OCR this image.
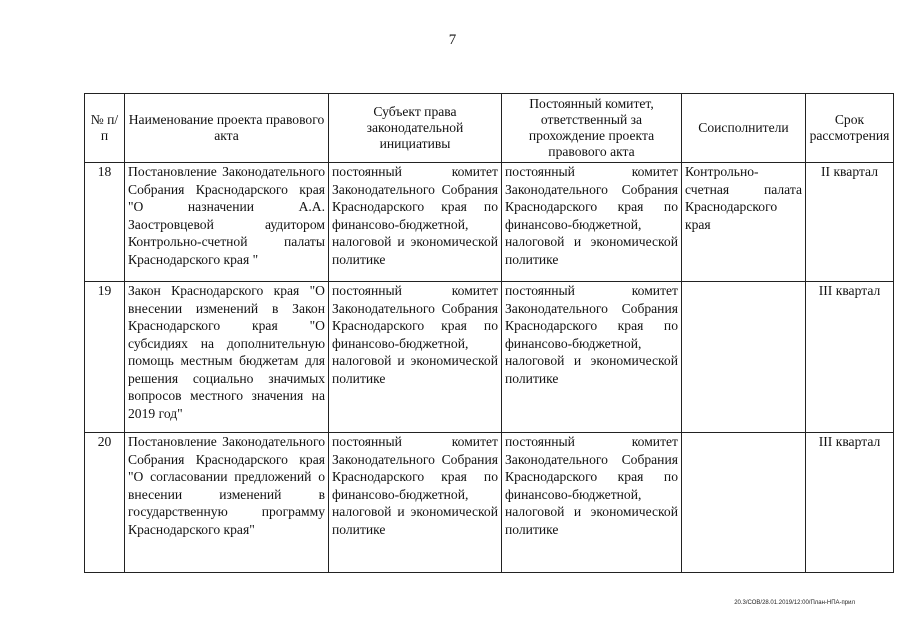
7
№ п/п	Наименование проекта правового акта	Субъект права законодательной инициативы	Постоянный комитет, ответственный за прохождение проекта правового акта	Соисполнители	Срок рассмотрения
18	Постановление Законодательного Собрания Краснодарского края "О назначении А.А. Заостровцевой аудитором Контрольно-счетной палаты Краснодарского края "	постоянный комитет Законодательного Собрания Краснодарского края по финансово-бюджетной, налоговой и экономической политике	постоянный комитет Законодательного Собрания Краснодарского края по финансово-бюджетной, налоговой и экономической политике	Контрольно-счетная палата Краснодарского края	II квартал
19	Закон Краснодарского края "О внесении изменений в Закон Краснодарского края "О субсидиях на дополнительную помощь местным бюджетам для решения социально значимых вопросов местного значения на 2019 год"	постоянный комитет Законодательного Собрания Краснодарского края по финансово-бюджетной, налоговой и экономической политике	постоянный комитет Законодательного Собрания Краснодарского края по финансово-бюджетной, налоговой и экономической политике		III квартал
20	Постановление Законодательного Собрания Краснодарского края "О согласовании предложений о внесении изменений в государственную программу Краснодарского края"	постоянный комитет Законодательного Собрания Краснодарского края по финансово-бюджетной, налоговой и экономической политике	постоянный комитет Законодательного Собрания Краснодарского края по финансово-бюджетной, налоговой и экономической политике		III квартал
20.3/СОВ/28.01.2019/12:00/План-НПА-прил
